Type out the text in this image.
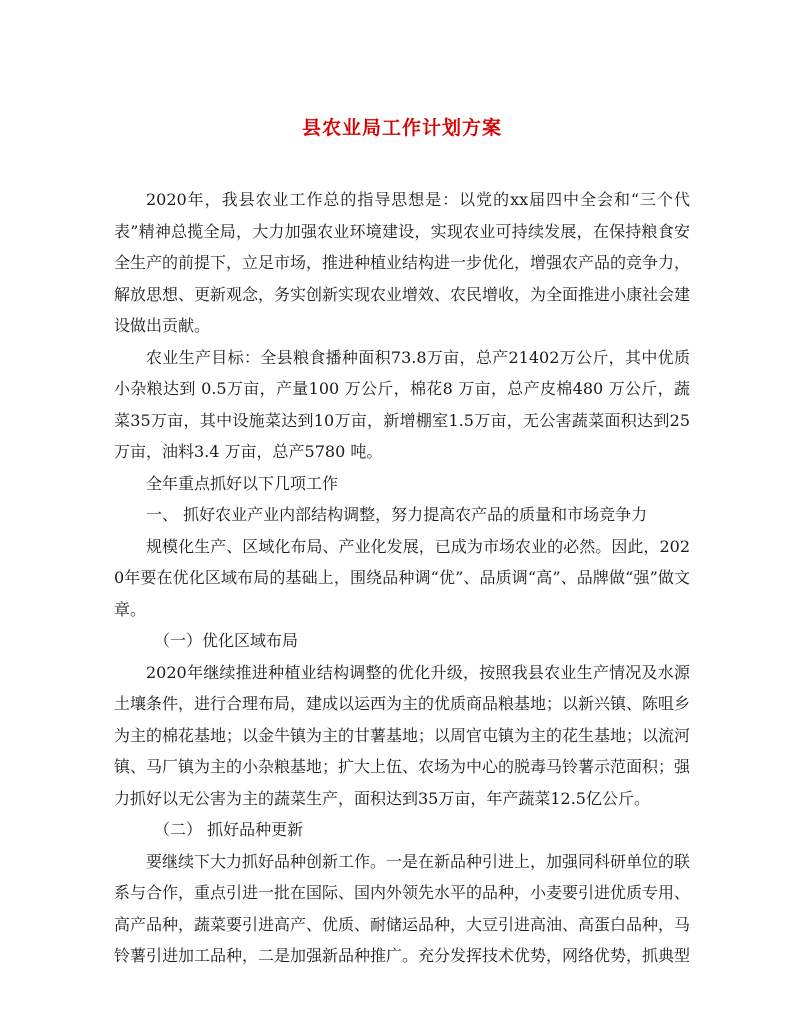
县农业局工作计划方案

2020年，我县农业工作总的指导思想是：以党的xx届四中全会和“三个代表”精神总揽全局，大力加强农业环境建设，实现农业可持续发展，在保持粮食安全生产的前提下，立足市场，推进种植业结构进一步优化，增强农产品的竞争力，解放思想、更新观念，务实创新实现农业增效、农民增收，为全面推进小康社会建设做出贡献。

农业生产目标：全县粮食播种面积73.8万亩，总产21402万公斤，其中优质小杂粮达到 0.5万亩，产量100 万公斤，棉花8 万亩，总产皮棉480 万公斤，蔬菜35万亩，其中设施菜达到10万亩，新增棚室1.5万亩，无公害蔬菜面积达到25万亩，油料3.4 万亩，总产5780 吨。

全年重点抓好以下几项工作

一、 抓好农业产业内部结构调整，努力提高农产品的质量和市场竞争力

规模化生产、区域化布局、产业化发展，已成为市场农业的必然。因此，2020年要在优化区域布局的基础上，围绕品种调“优”、品质调“高”、品牌做“强”做文章。

（一）优化区域布局

2020年继续推进种植业结构调整的优化升级，按照我县农业生产情况及水源土壤条件，进行合理布局，建成以运西为主的优质商品粮基地；以新兴镇、陈咀乡为主的棉花基地；以金牛镇为主的甘薯基地；以周官屯镇为主的花生基地；以流河镇、马厂镇为主的小杂粮基地；扩大上伍、农场为中心的脱毒马铃薯示范面积；强力抓好以无公害为主的蔬菜生产，面积达到35万亩，年产蔬菜12.5亿公斤。

（二） 抓好品种更新

要继续下大力抓好品种创新工作。一是在新品种引进上，加强同科研单位的联系与合作，重点引进一批在国际、国内外领先水平的品种，小麦要引进优质专用、高产品种，蔬菜要引进高产、优质、耐储运品种，大豆引进高油、高蛋白品种，马铃薯引进加工品种，二是加强新品种推广。充分发挥技术优势，网络优势，抓典型
